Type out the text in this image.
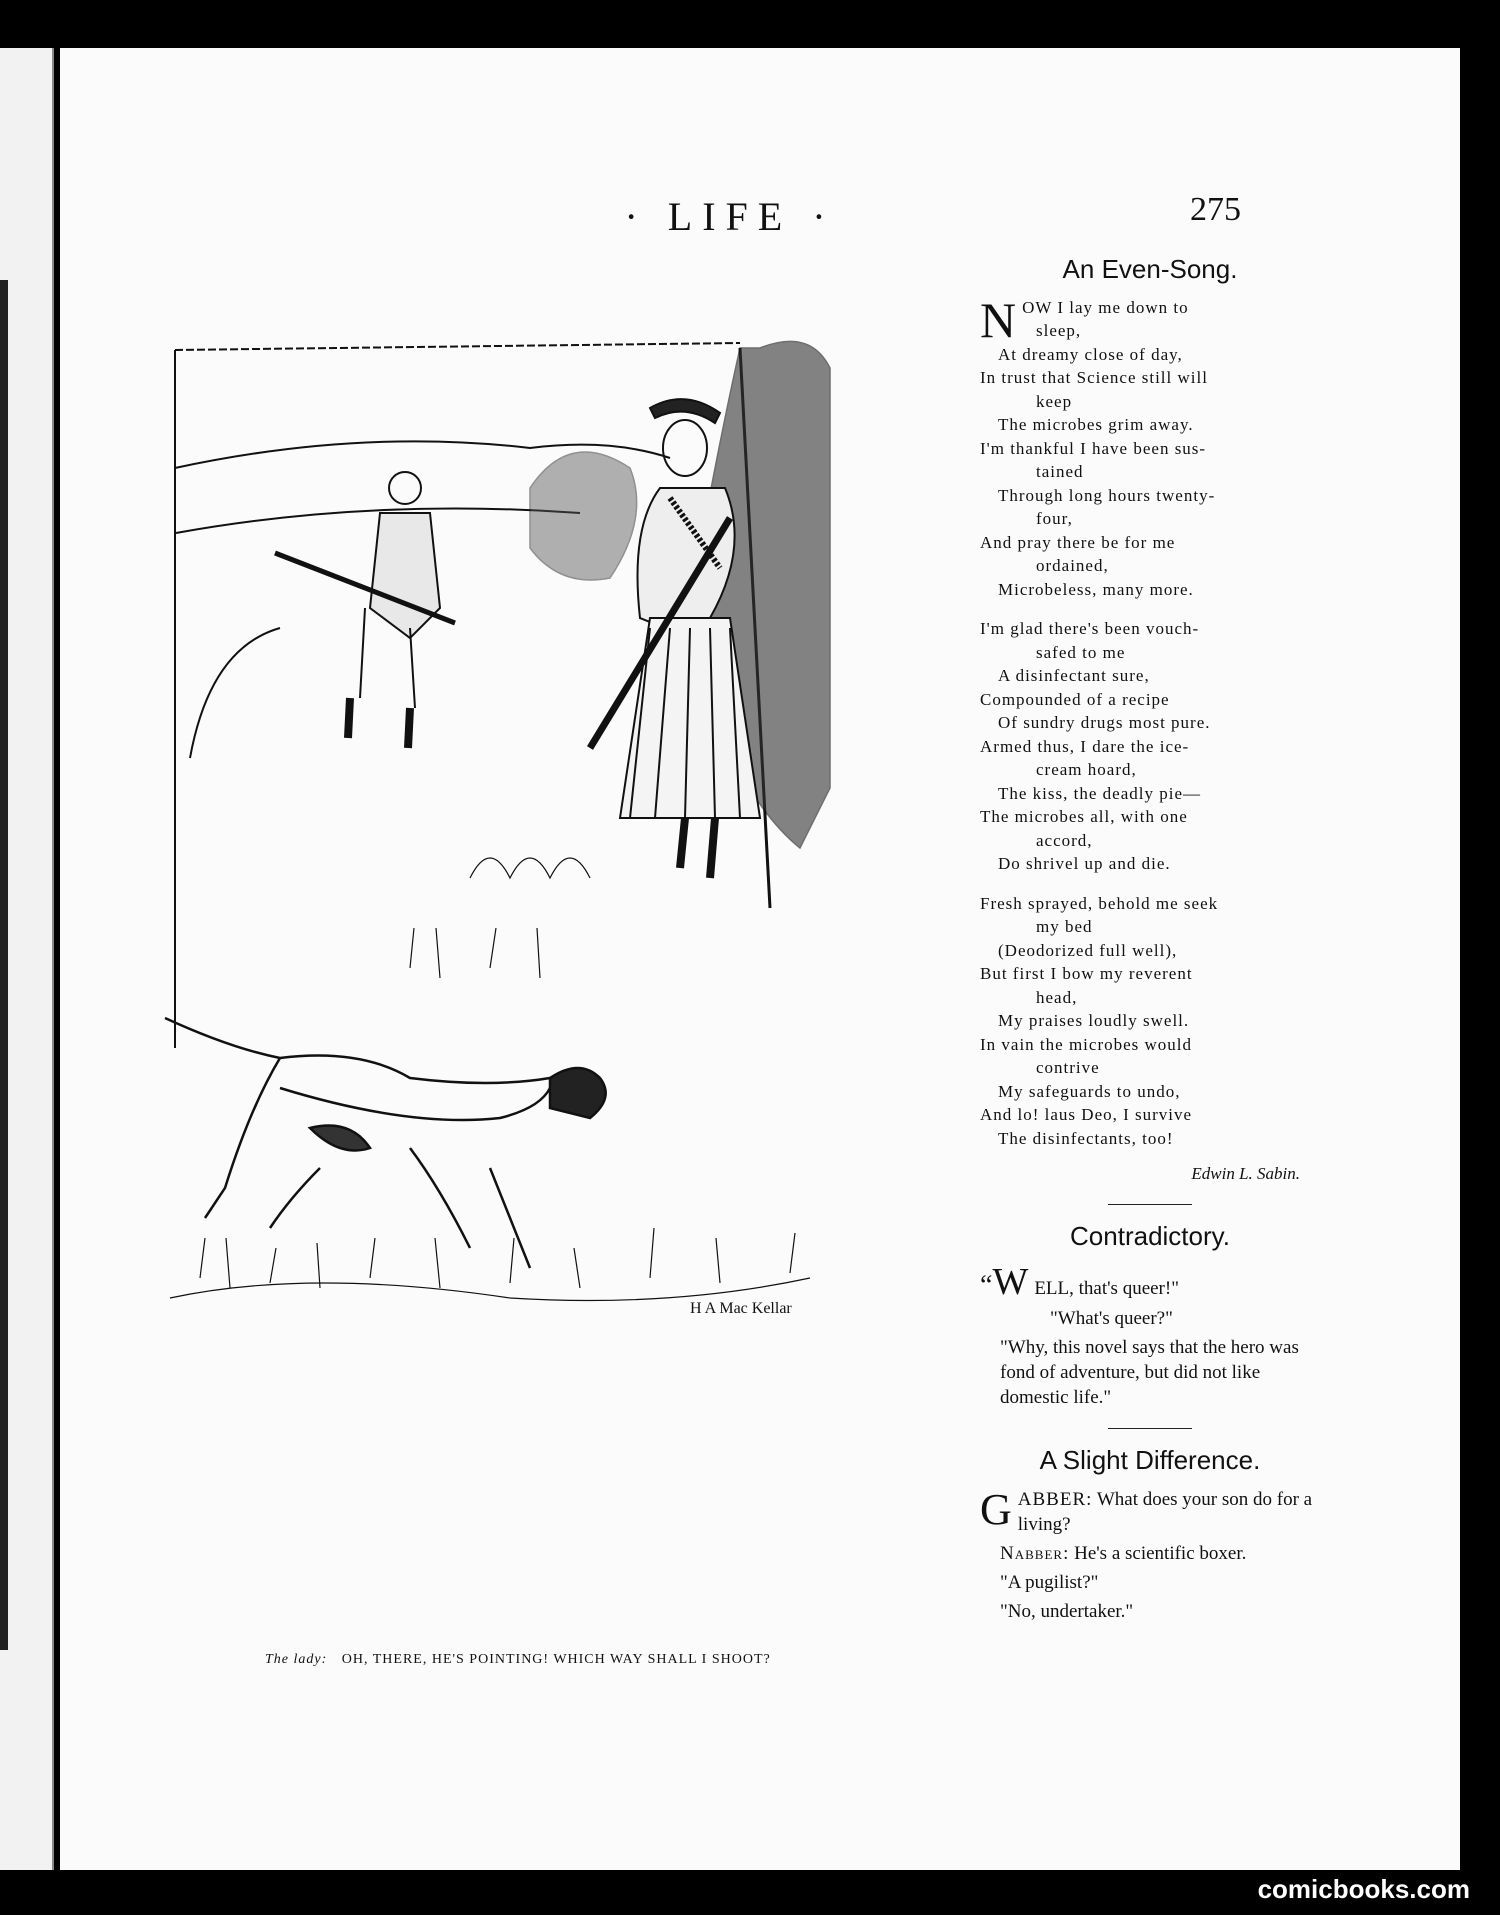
· LIFE ·	275
H A Mac Kellar
The lady: OH, THERE, HE'S POINTING! WHICH WAY SHALL I SHOOT?
An Even-Song.
N OW I lay me down to
sleep,
At dreamy close of day,
In trust that Science still will
keep
The microbes grim away.
I'm thankful I have been sus-
tained
Through long hours twenty-
four,
And pray there be for me
ordained,
Microbeless, many more.
I'm glad there's been vouch-
safed to me
A disinfectant sure,
Compounded of a recipe
Of sundry drugs most pure.
Armed thus, I dare the ice-
cream hoard,
The kiss, the deadly pie—
The microbes all, with one
accord,
Do shrivel up and die.
Fresh sprayed, behold me seek
my bed
(Deodorized full well),
But first I bow my reverent
head,
My praises loudly swell.
In vain the microbes would
contrive
My safeguards to undo,
And lo! laus Deo, I survive
The disinfectants, too!
Edwin L. Sabin.
Contradictory.

“W ELL, that's queer!"

"What's queer?"

"Why, this novel says that the hero was fond of adventure, but did not like domestic life."

A Slight Difference.

GABBER: What does your son do for a living?

Nabber: He's a scientific boxer.

"A pugilist?"

"No, undertaker."

comicbooks.com
